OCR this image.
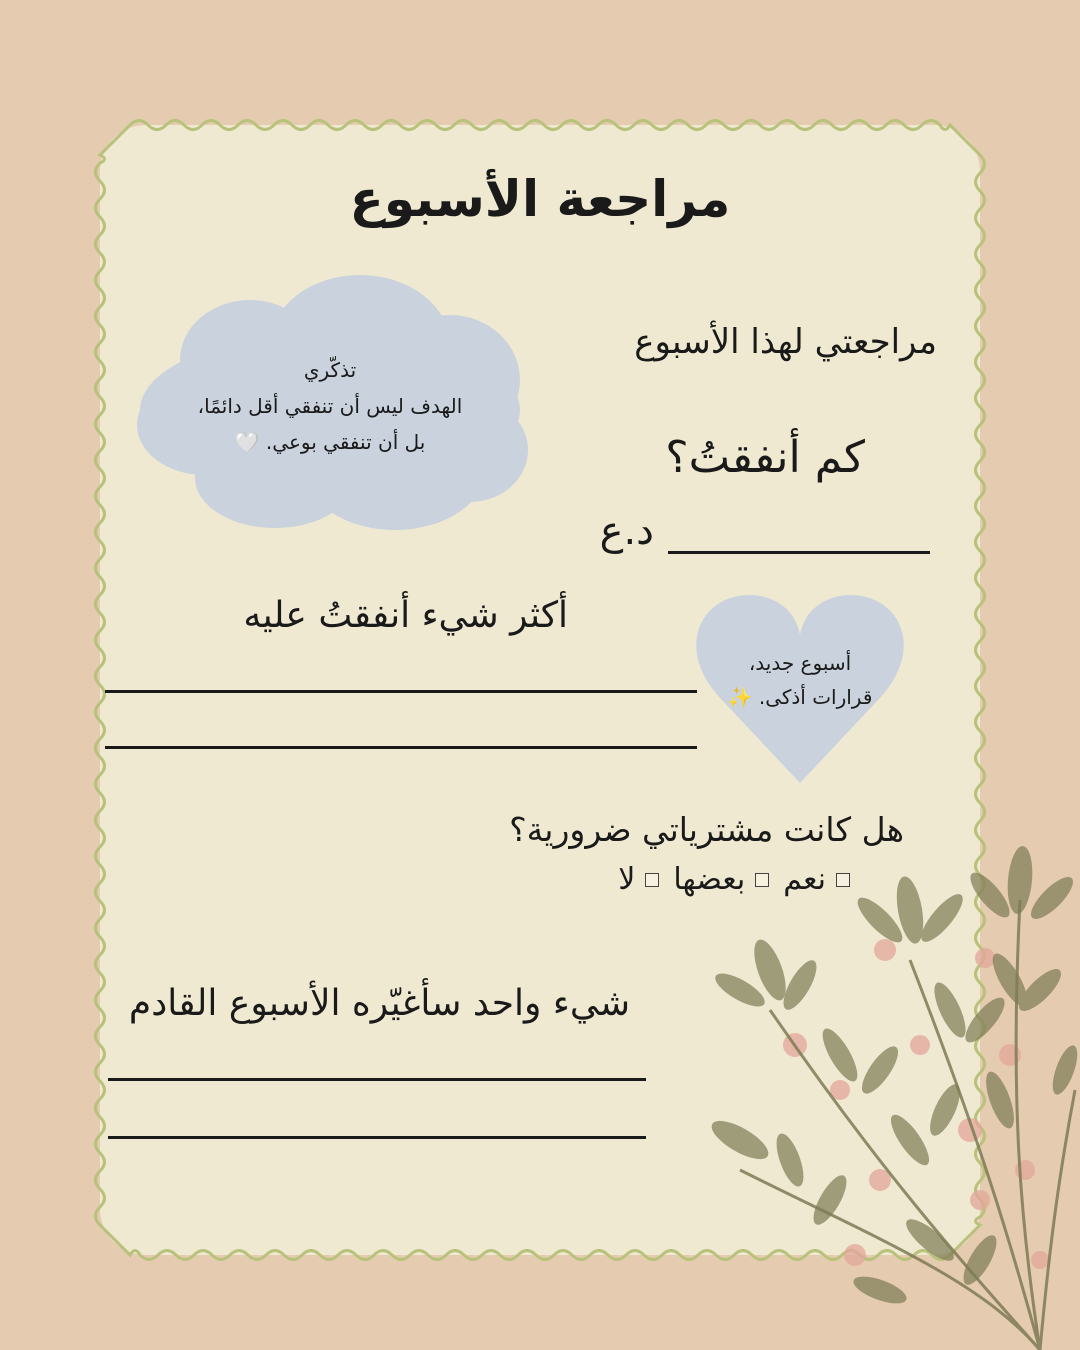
مراجعة الأسبوع
تذكّري
الهدف ليس أن تنفقي أقل دائمًا،
بل أن تنفقي بوعي. 🤍
مراجعتي لهذا الأسبوع
كم أنفقتُ؟
د.ع
أكثر شيء أنفقتُ عليه
أسبوع جديد،
قرارات أذكى. ✨
هل كانت مشترياتي ضرورية؟
نعم
بعضها
لا
شيء واحد سأغيّره الأسبوع القادم
